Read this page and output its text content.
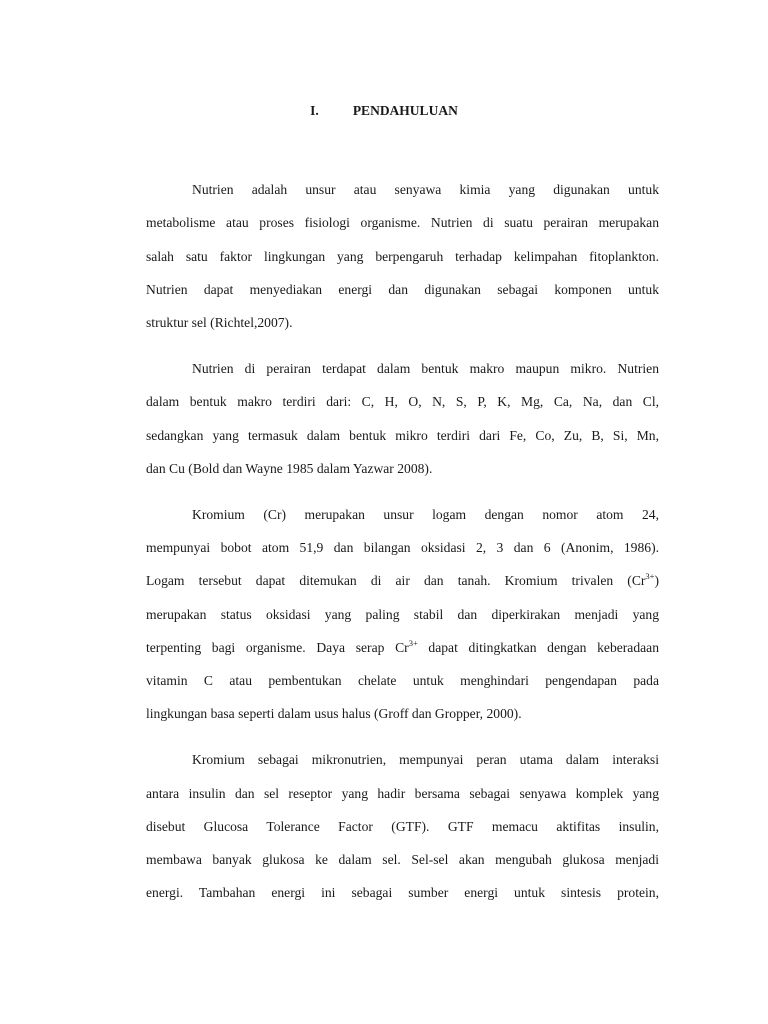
I.	PENDAHULUAN
Nutrien adalah unsur atau senyawa kimia yang digunakan untuk
metabolisme atau proses fisiologi organisme. Nutrien di suatu perairan merupakan
salah satu faktor lingkungan yang berpengaruh terhadap kelimpahan fitoplankton.
Nutrien dapat menyediakan energi dan digunakan sebagai komponen untuk
struktur sel (Richtel,2007).
Nutrien di perairan terdapat dalam bentuk makro maupun mikro. Nutrien
dalam bentuk makro terdiri dari: C, H, O, N, S, P, K, Mg, Ca, Na, dan Cl,
sedangkan yang termasuk dalam bentuk mikro terdiri dari Fe, Co, Zu, B, Si, Mn,
dan Cu (Bold dan Wayne 1985 dalam Yazwar 2008).
Kromium (Cr) merupakan unsur logam dengan nomor atom 24,
mempunyai bobot atom 51,9 dan bilangan oksidasi 2, 3 dan 6 (Anonim, 1986).
Logam tersebut dapat ditemukan di air dan tanah. Kromium trivalen $(Cr^{3+})$
merupakan status oksidasi yang paling stabil dan diperkirakan menjadi yang
terpenting bagi organisme. Daya serap $Cr^{3+}$ dapat ditingkatkan dengan keberadaan
vitamin C atau pembentukan chelate untuk menghindari pengendapan pada
lingkungan basa seperti dalam usus halus (Groff dan Gropper, 2000).
Kromium sebagai mikronutrien, mempunyai peran utama dalam interaksi
antara insulin dan sel reseptor yang hadir bersama sebagai senyawa komplek yang
disebut Glucosa Tolerance Factor (GTF). GTF memacu aktifitas insulin,
membawa banyak glukosa ke dalam sel. Sel-sel akan mengubah glukosa menjadi
energi. Tambahan energi ini sebagai sumber energi untuk sintesis protein,
